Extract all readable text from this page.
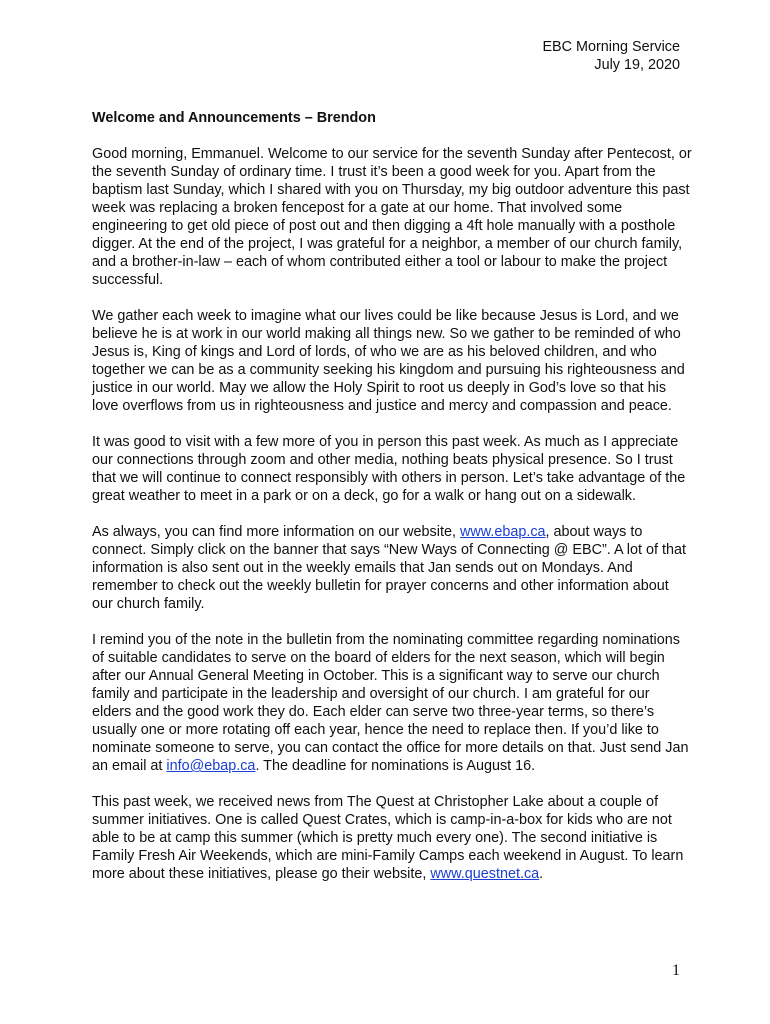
EBC Morning Service
July 19, 2020
Welcome and Announcements – Brendon

Good morning, Emmanuel. Welcome to our service for the seventh Sunday after Pentecost, or the seventh Sunday of ordinary time. I trust it’s been a good week for you. Apart from the baptism last Sunday, which I shared with you on Thursday, my big outdoor adventure this past week was replacing a broken fencepost for a gate at our home. That involved some engineering to get old piece of post out and then digging a 4ft hole manually with a posthole digger. At the end of the project, I was grateful for a neighbor, a member of our church family, and a brother-in-law – each of whom contributed either a tool or labour to make the project successful.

We gather each week to imagine what our lives could be like because Jesus is Lord, and we believe he is at work in our world making all things new. So we gather to be reminded of who Jesus is, King of kings and Lord of lords, of who we are as his beloved children, and who together we can be as a community seeking his kingdom and pursuing his righteousness and justice in our world. May we allow the Holy Spirit to root us deeply in God’s love so that his love overflows from us in righteousness and justice and mercy and compassion and peace.

It was good to visit with a few more of you in person this past week. As much as I appreciate our connections through zoom and other media, nothing beats physical presence. So I trust that we will continue to connect responsibly with others in person. Let’s take advantage of the great weather to meet in a park or on a deck, go for a walk or hang out on a sidewalk.

As always, you can find more information on our website, www.ebap.ca, about ways to connect. Simply click on the banner that says “New Ways of Connecting @ EBC”. A lot of that information is also sent out in the weekly emails that Jan sends out on Mondays. And remember to check out the weekly bulletin for prayer concerns and other information about our church family.

I remind you of the note in the bulletin from the nominating committee regarding nominations of suitable candidates to serve on the board of elders for the next season, which will begin after our Annual General Meeting in October. This is a significant way to serve our church family and participate in the leadership and oversight of our church. I am grateful for our elders and the good work they do. Each elder can serve two three-year terms, so there’s usually one or more rotating off each year, hence the need to replace then. If you’d like to nominate someone to serve, you can contact the office for more details on that. Just send Jan an email at info@ebap.ca. The deadline for nominations is August 16.

This past week, we received news from The Quest at Christopher Lake about a couple of summer initiatives. One is called Quest Crates, which is camp-in-a-box for kids who are not able to be at camp this summer (which is pretty much every one). The second initiative is Family Fresh Air Weekends, which are mini-Family Camps each weekend in August. To learn more about these initiatives, please go their website, www.questnet.ca.

1
